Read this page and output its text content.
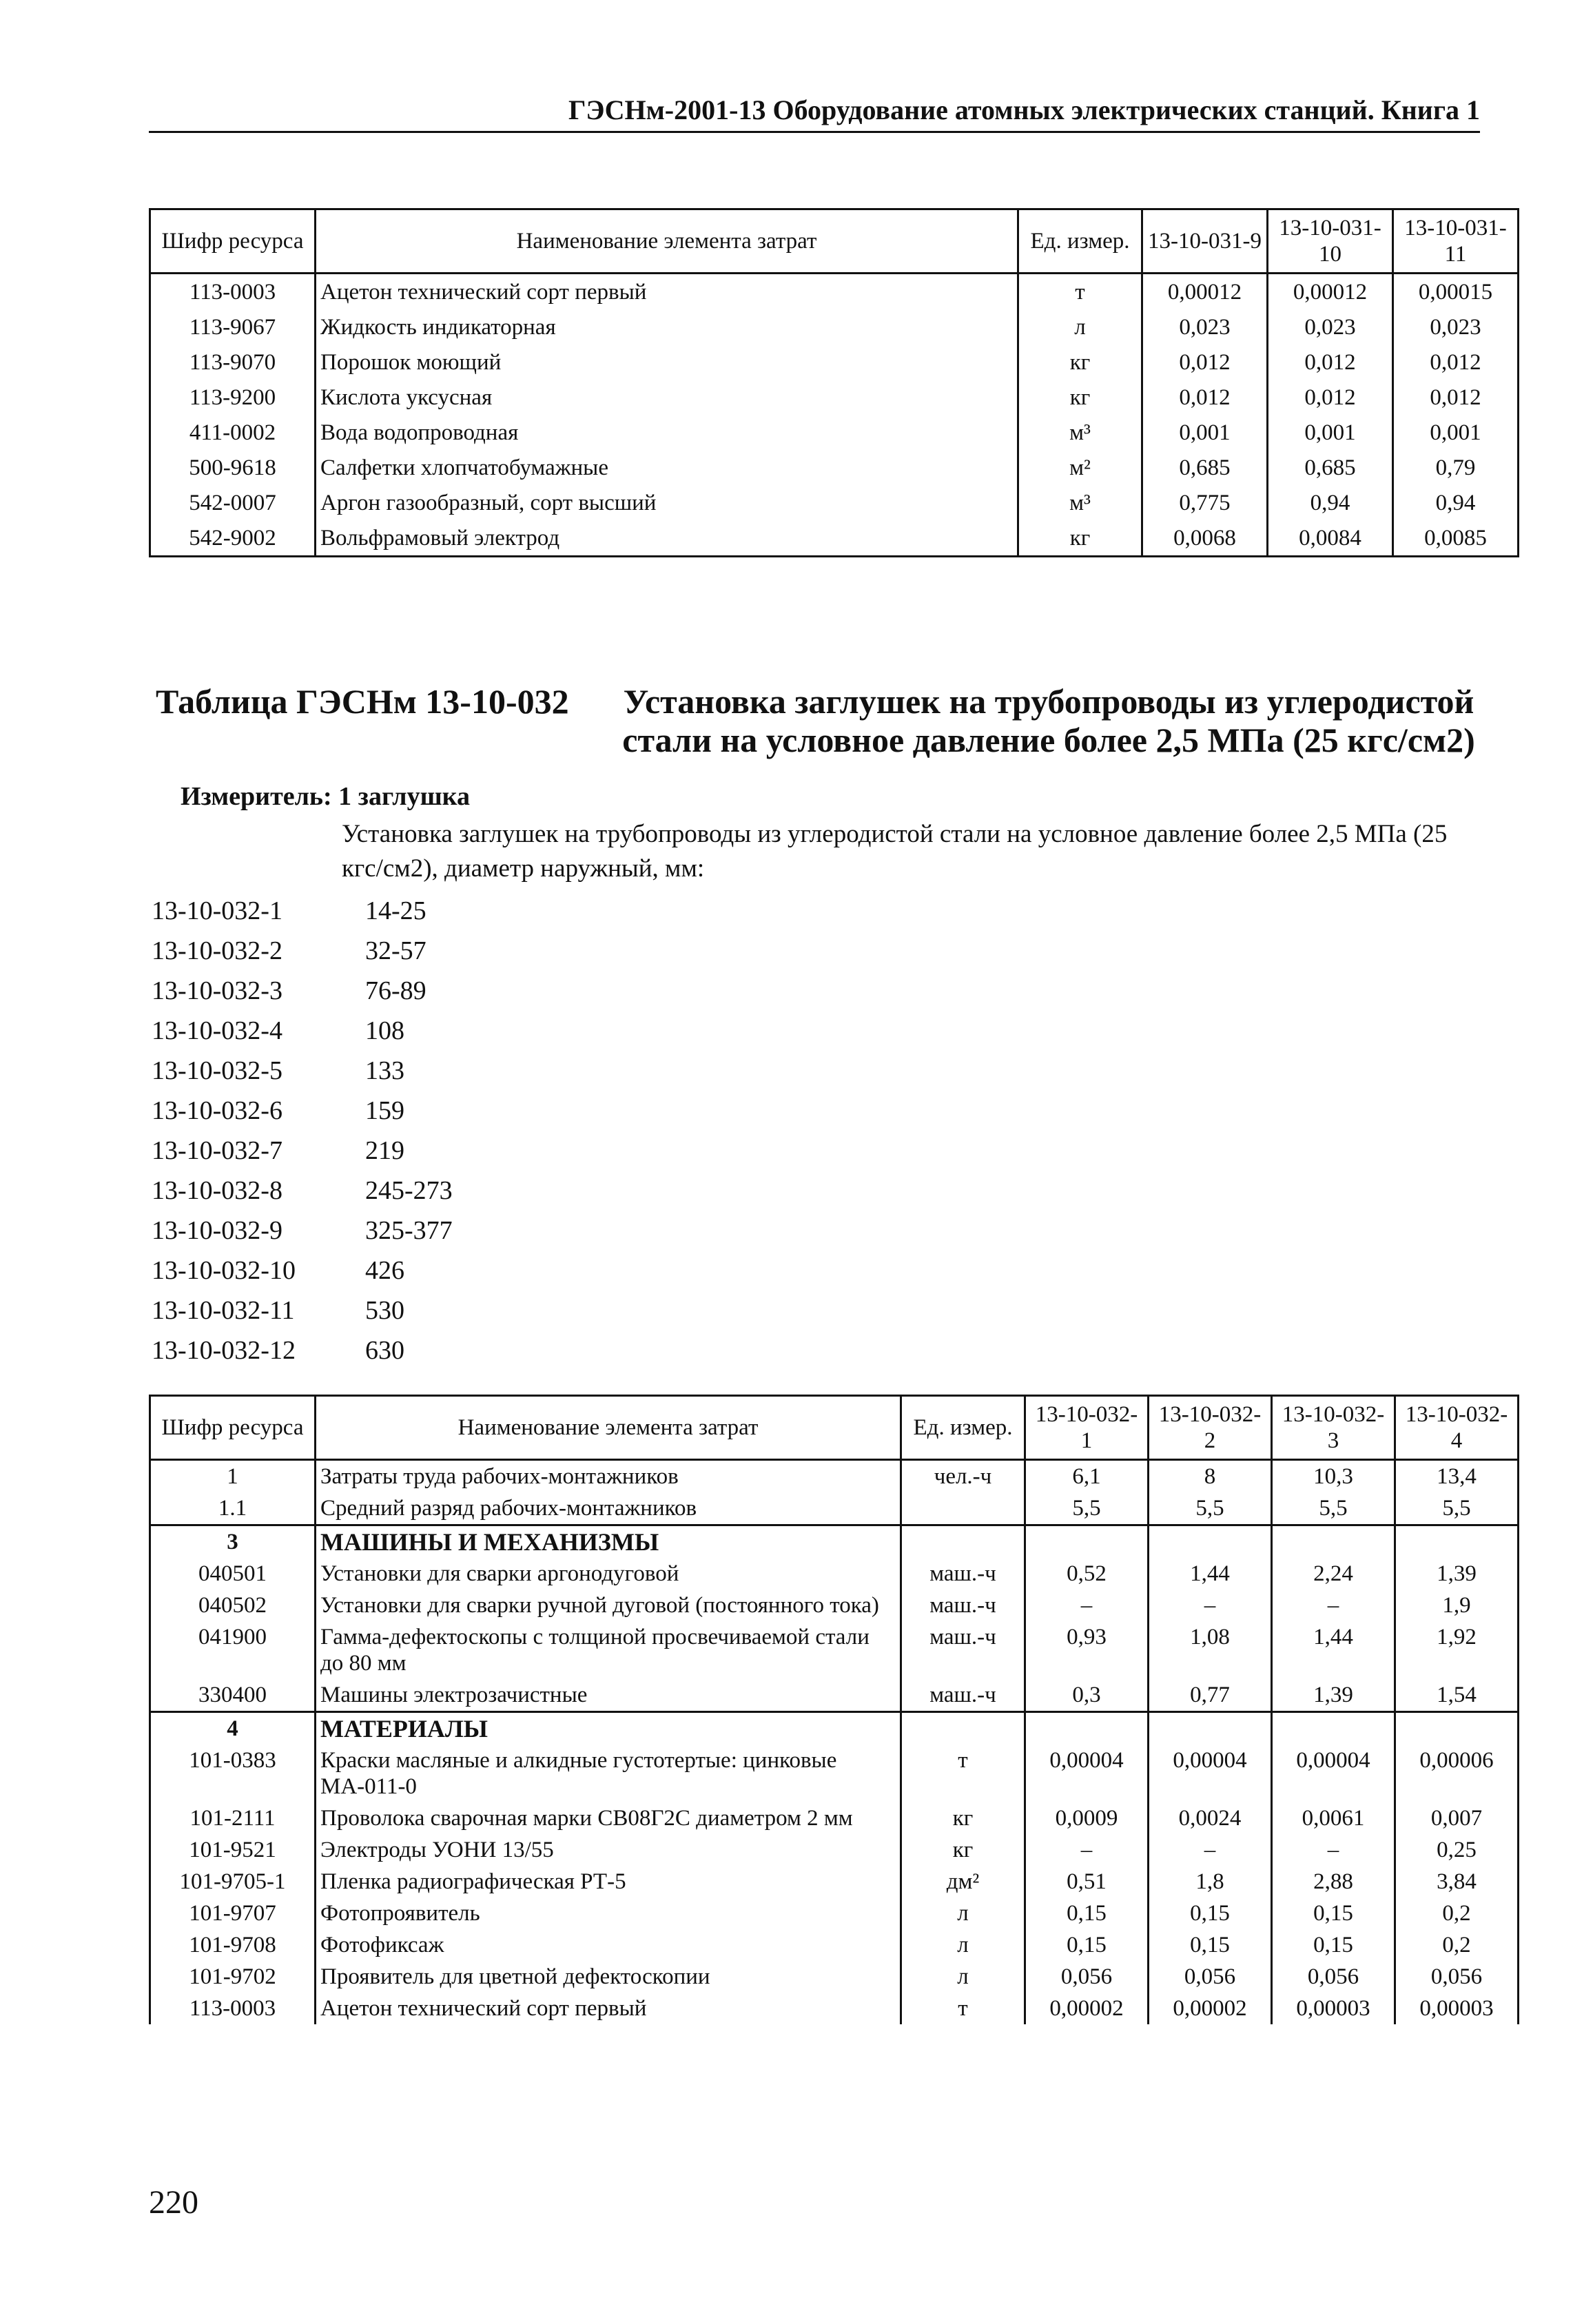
ГЭСНм-2001-13 Оборудование атомных электрических станций. Книга 1
Шифр ресурса	Наименование элемента затрат	Ед. измер.	13-10-031-9	13-10-031-10	13-10-031-11
113-0003	Ацетон технический сорт первый	т	0,00012	0,00012	0,00015
113-9067	Жидкость индикаторная	л	0,023	0,023	0,023
113-9070	Порошок моющий	кг	0,012	0,012	0,012
113-9200	Кислота уксусная	кг	0,012	0,012	0,012
411-0002	Вода водопроводная	м³	0,001	0,001	0,001
500-9618	Салфетки хлопчатобумажные	м²	0,685	0,685	0,79
542-0007	Аргон газообразный, сорт высший	м³	0,775	0,94	0,94
542-9002	Вольфрамовый электрод	кг	0,0068	0,0084	0,0085
Таблица ГЭСНм 13-10-032	Установка заглушек на трубопроводы из углеродистой стали на условное давление более 2,5 МПа (25 кгс/см2)
Измеритель: 1 заглушка
Установка заглушек на трубопроводы из углеродистой стали на условное давление более 2,5 МПа (25 кгс/см2), диаметр наружный, мм:
13-10-032-1	14-25
13-10-032-2	32-57
13-10-032-3	76-89
13-10-032-4	108
13-10-032-5	133
13-10-032-6	159
13-10-032-7	219
13-10-032-8	245-273
13-10-032-9	325-377
13-10-032-10	426
13-10-032-11	530
13-10-032-12	630
Шифр ресурса	Наименование элемента затрат	Ед. измер.	13-10-032-1	13-10-032-2	13-10-032-3	13-10-032-4
1	Затраты труда рабочих-монтажников	чел.-ч	6,1	8	10,3	13,4
1.1	Средний разряд рабочих-монтажников		5,5	5,5	5,5	5,5
3	МАШИНЫ И МЕХАНИЗМЫ					
040501	Установки для сварки аргонодуговой	маш.-ч	0,52	1,44	2,24	1,39
040502	Установки для сварки ручной дуговой (постоянного тока)	маш.-ч	–	–	–	1,9
041900	Гамма-дефектоскопы с толщиной просвечиваемой стали до 80 мм	маш.-ч	0,93	1,08	1,44	1,92
330400	Машины электрозачистные	маш.-ч	0,3	0,77	1,39	1,54
4	МАТЕРИАЛЫ					
101-0383	Краски масляные и алкидные густотертые: цинковые МА-011-0	т	0,00004	0,00004	0,00004	0,00006
101-2111	Проволока сварочная марки СВ08Г2С диаметром 2 мм	кг	0,0009	0,0024	0,0061	0,007
101-9521	Электроды УОНИ 13/55	кг	–	–	–	0,25
101-9705-1	Пленка радиографическая РТ-5	дм²	0,51	1,8	2,88	3,84
101-9707	Фотопроявитель	л	0,15	0,15	0,15	0,2
101-9708	Фотофиксаж	л	0,15	0,15	0,15	0,2
101-9702	Проявитель для цветной дефектоскопии	л	0,056	0,056	0,056	0,056
113-0003	Ацетон технический сорт первый	т	0,00002	0,00002	0,00003	0,00003
220
